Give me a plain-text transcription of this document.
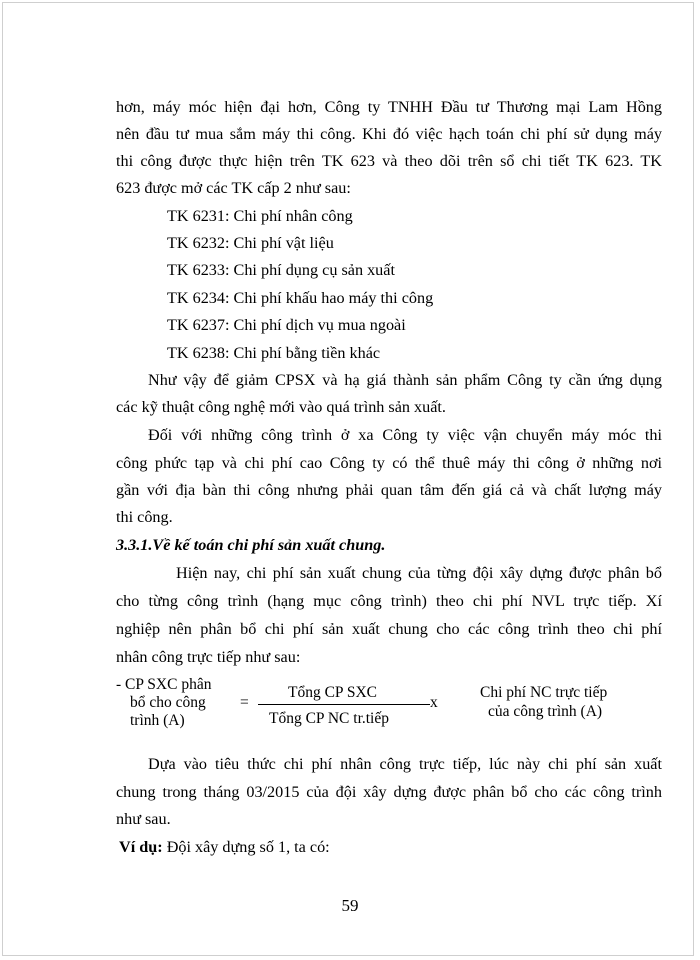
hơn, máy móc hiện đại hơn, Công ty TNHH Đầu tư Thương mại Lam Hồng
nên đầu tư mua sắm máy thi công. Khi đó việc hạch toán chi phí sử dụng máy
thi công được thực hiện trên TK 623 và theo dõi trên sổ chi tiết TK 623. TK
623 được mở các TK cấp 2 như sau:
TK 6231: Chi phí nhân công
TK 6232: Chi phí vật liệu
TK 6233: Chi phí dụng cụ sản xuất
TK 6234: Chi phí khấu hao máy thi công
TK 6237: Chi phí dịch vụ mua ngoài
TK 6238: Chi phí bằng tiền khác
Như vậy để giảm CPSX và hạ giá thành sản phẩm Công ty cần ứng dụng
các kỹ thuật công nghệ mới vào quá trình sản xuất.
Đối với những công trình ở xa Công ty việc vận chuyển máy móc thi
công phức tạp và chi phí cao Công ty có thể thuê máy thi công ở những nơi
gần với địa bàn thi công nhưng phải quan tâm đến giá cả và chất lượng máy
thi công.
3.3.1.Về kế toán chi phí sản xuất chung.
Hiện nay, chi phí sản xuất chung của từng đội xây dựng được phân bổ
cho từng công trình (hạng mục công trình) theo chi phí NVL trực tiếp. Xí
nghiệp nên phân bổ chi phí sản xuất chung cho các công trình theo chi phí
nhân công trực tiếp như sau:
- CP SXC phân
bổ cho công
trình (A)
=
Tổng CP SXC
Tổng CP NC tr.tiếp
x
Chi phí NC trực tiếp
của công trình (A)
Dựa vào tiêu thức chi phí nhân công trực tiếp, lúc này chi phí sản xuất
chung trong tháng 03/2015 của đội xây dựng được phân bổ cho các công trình
như sau.
Ví dụ: Đội xây dựng số 1, ta có:
59
